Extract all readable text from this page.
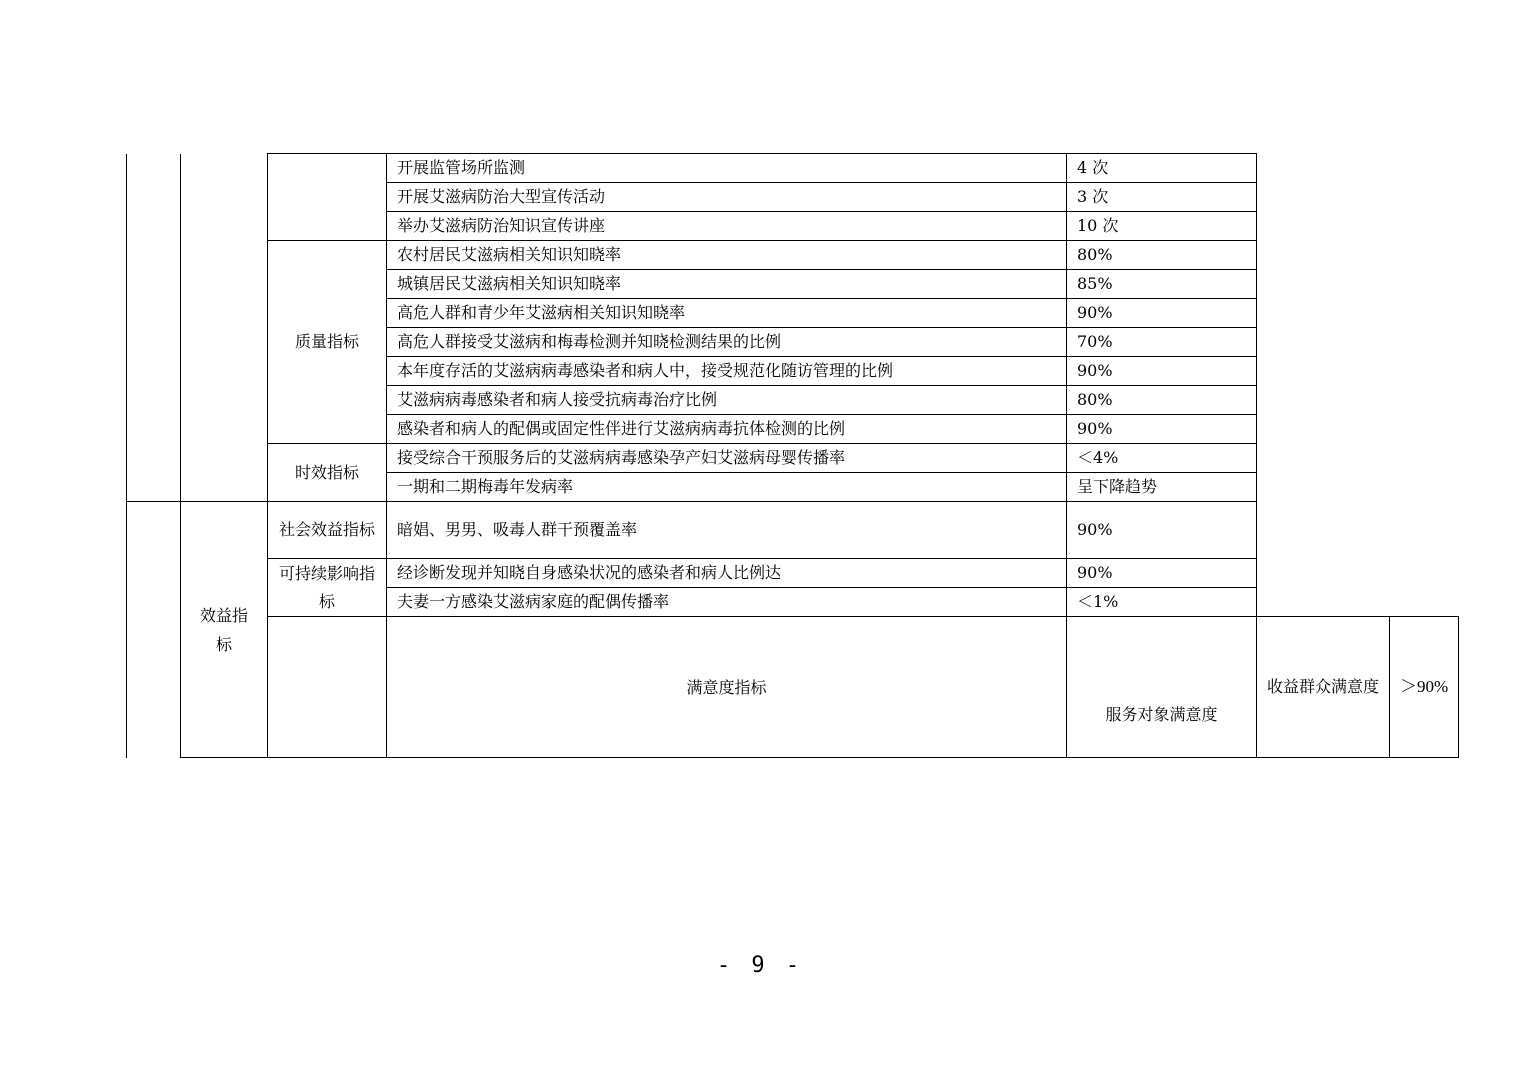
			开展监管场所监测	4 次		
			开展艾滋病防治大型宣传活动	3 次		
			举办艾滋病防治知识宣传讲座	10 次		
		质量指标	农村居民艾滋病相关知识知晓率	80%		
			城镇居民艾滋病相关知识知晓率	85%		
			高危人群和青少年艾滋病相关知识知晓率	90%		
			高危人群接受艾滋病和梅毒检测并知晓检测结果的比例	70%		
			本年度存活的艾滋病病毒感染者和病人中，接受规范化随访管理的比例	90%		
			艾滋病病毒感染者和病人接受抗病毒治疗比例	80%		
			感染者和病人的配偶或固定性伴进行艾滋病病毒抗体检测的比例	90%		
		时效指标	接受综合干预服务后的艾滋病病毒感染孕产妇艾滋病母婴传播率	＜4%		
			一期和二期梅毒年发病率	呈下降趋势		
	效益指标	社会效益指标	暗娼、男男、吸毒人群干预覆盖率	90%		
		可持续影响指标	经诊断发现并知晓自身感染状况的感染者和病人比例达	90%		
			夫妻一方感染艾滋病家庭的配偶传播率	＜1%		
			满意度指标	服务对象满意度	收益群众满意度	＞90%
- 9 -
